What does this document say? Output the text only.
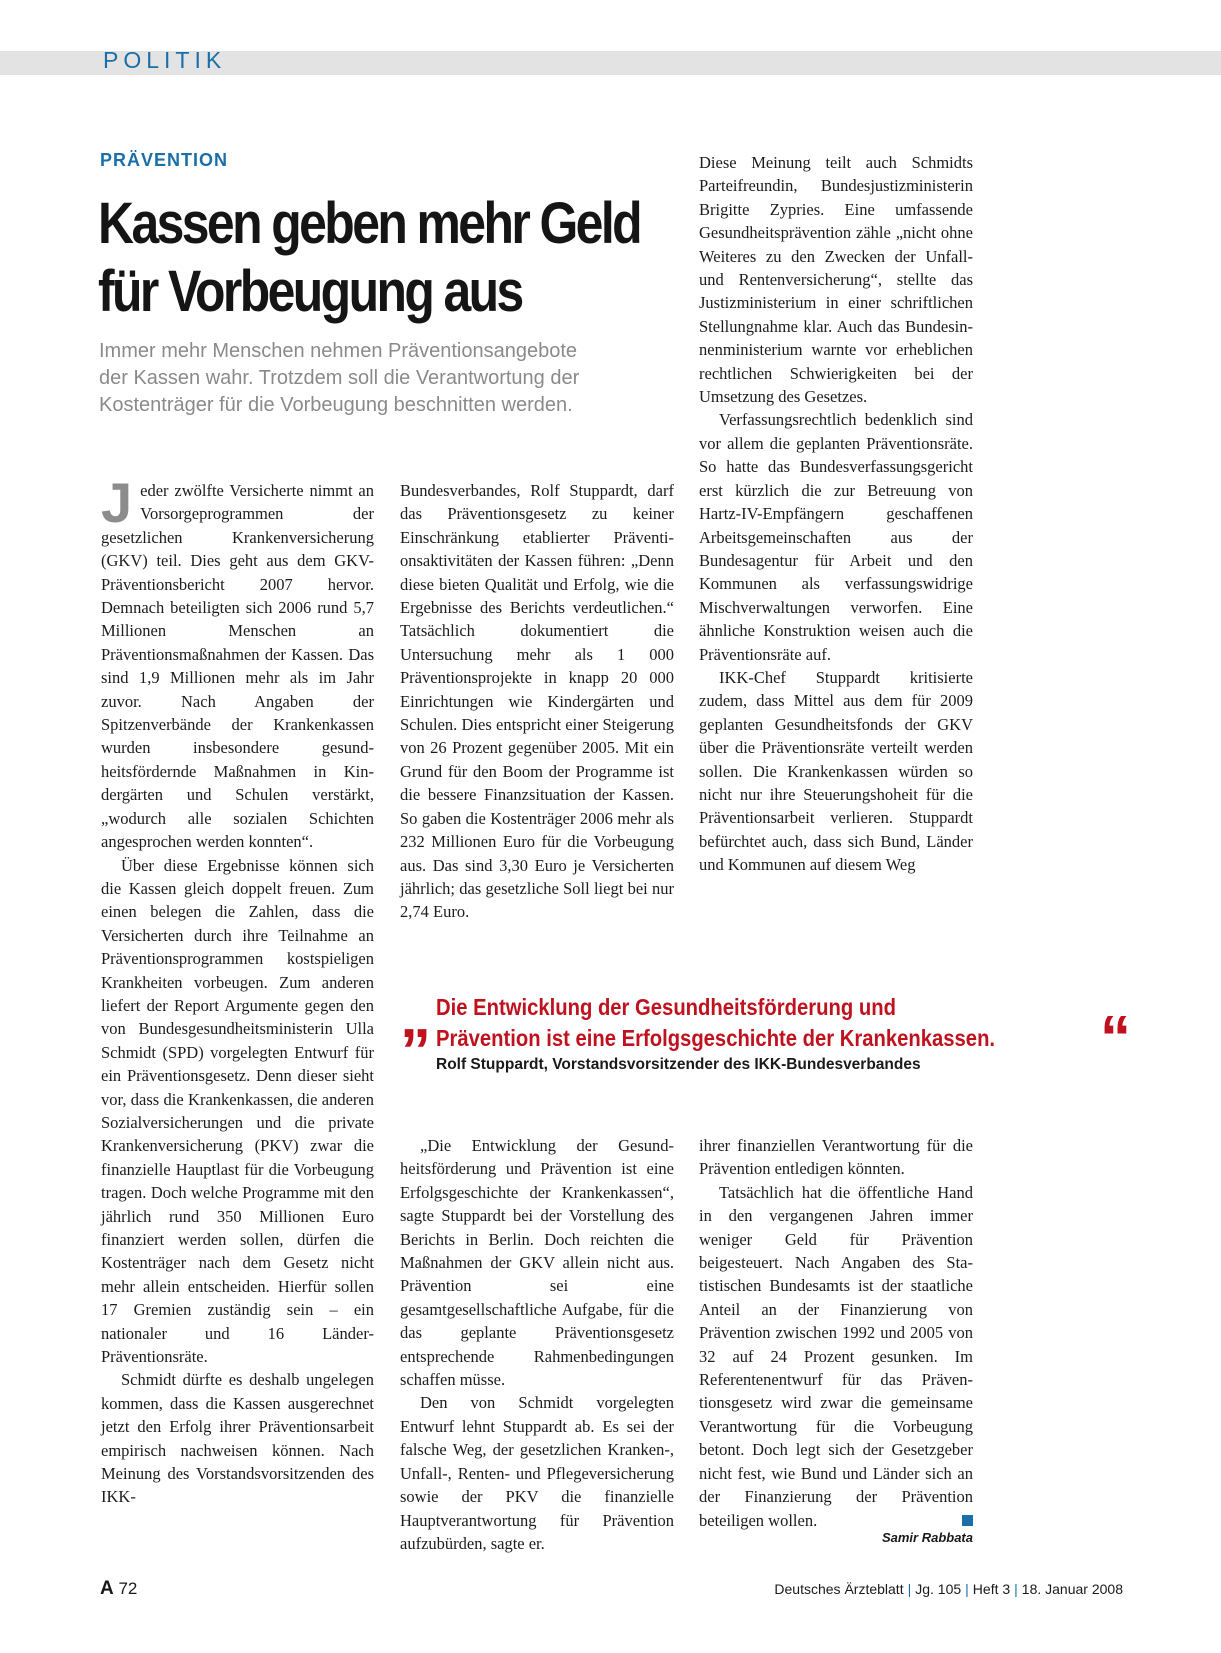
POLITIK
PRÄVENTION
Kassen geben mehr Geld
für Vorbeugung aus
Immer mehr Menschen nehmen Präventionsangebote
der Kassen wahr. Trotzdem soll die Verantwortung der
Kostenträger für die Vorbeugung beschnitten werden.

Jeder zwölfte Versicherte nimmt an Vorsorgeprogrammen der gesetzlichen Krankenversicherung (GKV) teil. Dies geht aus dem GKV-Präventionsbericht 2007 hervor. Demnach beteiligten sich 2006 rund 5,7 Millionen Menschen an Präventionsmaßnahmen der Kassen. Das sind 1,9 Millionen mehr als im Jahr zuvor. Nach Angaben der Spitzenverbände der Krankenkassen wurden insbesondere gesundheitsfördernde Maßnahmen in Kindergärten und Schulen verstärkt, „wodurch alle sozialen Schichten angesprochen werden konnten“.

Über diese Ergebnisse können sich die Kassen gleich doppelt freuen. Zum einen belegen die Zahlen, dass die Versicherten durch ihre Teilnahme an Präventionsprogrammen kostspieligen Krankheiten vorbeugen. Zum anderen liefert der Report Argumente gegen den von Bundesgesundheitsministerin Ulla Schmidt (SPD) vorgelegten Entwurf für ein Präventionsgesetz. Denn dieser sieht vor, dass die Krankenkassen, die anderen Sozialversicherungen und die private Krankenversicherung (PKV) zwar die finanzielle Hauptlast für die Vorbeugung tragen. Doch welche Programme mit den jährlich rund 350 Millionen Euro finanziert werden sollen, dürfen die Kostenträger nach dem Gesetz nicht mehr allein entscheiden. Hierfür sollen 17 Gremien zuständig sein – ein nationaler und 16 Länder-Präventionsräte.

Schmidt dürfte es deshalb ungelegen kommen, dass die Kassen ausgerechnet jetzt den Erfolg ihrer Präventionsarbeit empirisch nachweisen können. Nach Meinung des Vorstandsvorsitzenden des IKK-

Bundesverbandes, Rolf Stuppardt, darf das Präventionsgesetz zu keiner Einschränkung etablierter Präventionsaktivitäten der Kassen führen: „Denn diese bieten Qualität und Erfolg, wie die Ergebnisse des Berichts verdeutlichen.“ Tatsächlich dokumentiert die Untersuchung mehr als 1 000 Präventionsprojekte in knapp 20 000 Einrichtungen wie Kindergärten und Schulen. Dies entspricht einer Steigerung von 26 Prozent gegenüber 2005. Mit ein Grund für den Boom der Programme ist die bessere Finanzsituation der Kassen. So gaben die Kostenträger 2006 mehr als 232 Millionen Euro für die Vorbeugung aus. Das sind 3,30 Euro je Versicherten jährlich; das gesetzliche Soll liegt bei nur 2,74 Euro.

Diese Meinung teilt auch Schmidts Parteifreundin, Bundesjustizministerin Brigitte Zypries. Eine umfassende Gesundheitsprävention zähle „nicht ohne Weiteres zu den Zwecken der Unfall- und Rentenversicherung“, stellte das Justizministerium in einer schriftlichen Stellungnahme klar. Auch das Bundesinnenministerium warnte vor erheblichen rechtlichen Schwierigkeiten bei der Umsetzung des Gesetzes.

Verfassungsrechtlich bedenklich sind vor allem die geplanten Präventionsräte. So hatte das Bundesverfassungsgericht erst kürzlich die zur Betreuung von Hartz-IV-Empfängern geschaffenen Arbeitsgemeinschaften aus der Bundesagentur für Arbeit und den Kommunen als verfassungswidrige Mischverwaltungen verworfen. Eine ähnliche Konstruktion weisen auch die Präventionsräte auf.

IKK-Chef Stuppardt kritisierte zudem, dass Mittel aus dem für 2009 geplanten Gesundheitsfonds der GKV über die Präventionsräte verteilt werden sollen. Die Krankenkassen würden so nicht nur ihre Steuerungshoheit für die Präventionsarbeit verlieren. Stuppardt befürchtet auch, dass sich Bund, Länder und Kommunen auf diesem Weg

„ Die Entwicklung der Gesundheitsförderung und
Prävention ist eine Erfolgsgeschichte der Krankenkassen.	“
Rolf Stuppardt, Vorstandsvorsitzender des IKK-Bundesverbandes

„Die Entwicklung der Gesundheitsförderung und Prävention ist eine Erfolgsgeschichte der Krankenkassen“, sagte Stuppardt bei der Vorstellung des Berichts in Berlin. Doch reichten die Maßnahmen der GKV allein nicht aus. Prävention sei eine gesamtgesellschaftliche Aufgabe, für die das geplante Präventionsgesetz entsprechende Rahmenbedingungen schaffen müsse.

Den von Schmidt vorgelegten Entwurf lehnt Stuppardt ab. Es sei der falsche Weg, der gesetzlichen Kranken-, Unfall-, Renten- und Pflegeversicherung sowie der PKV die finanzielle Hauptverantwortung für Prävention aufzubürden, sagte er.

ihrer finanziellen Verantwortung für die Prävention entledigen könnten.

Tatsächlich hat die öffentliche Hand in den vergangenen Jahren immer weniger Geld für Prävention beigesteuert. Nach Angaben des Statistischen Bundesamts ist der staatliche Anteil an der Finanzierung von Prävention zwischen 1992 und 2005 von 32 auf 24 Prozent gesunken. Im Referentenentwurf für das Präventionsgesetz wird zwar die gemeinsame Verantwortung für die Vorbeugung betont. Doch legt sich der Gesetzgeber nicht fest, wie Bund und Länder sich an der Finanzierung der Prävention beteiligen wollen.

Samir Rabbata
A 72	Deutsches Ärzteblatt | Jg. 105 | Heft 3 | 18. Januar 2008
